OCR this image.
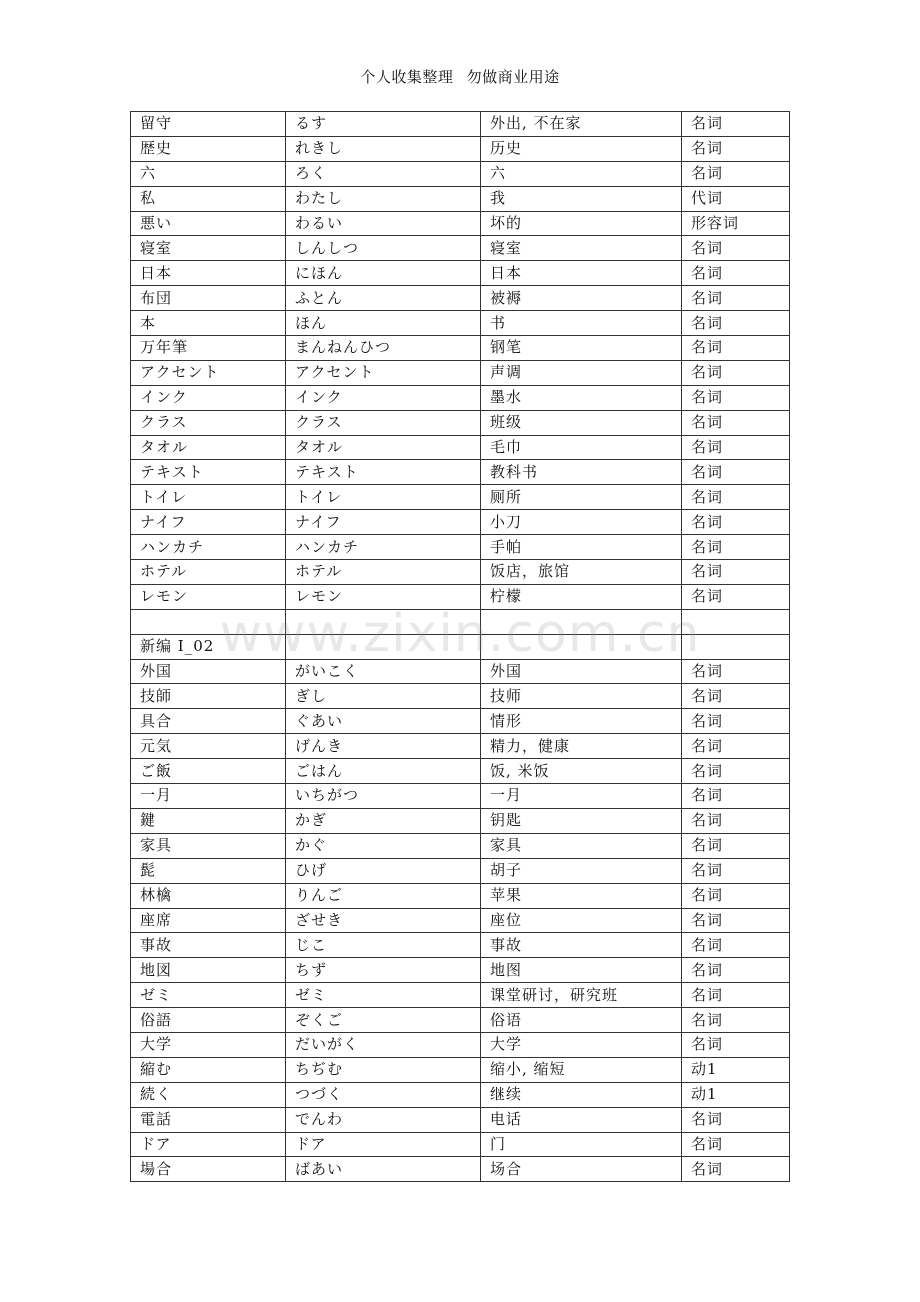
个人收集整理 勿做商业用途
留守	るす	外出, 不在家	名词
歴史	れきし	历史	名词
六	ろく	六	名词
私	わたし	我	代词
悪い	わるい	坏的	形容词
寝室	しんしつ	寝室	名词
日本	にほん	日本	名词
布団	ふとん	被褥	名词
本	ほん	书	名词
万年筆	まんねんひつ	钢笔	名词
アクセント	アクセント	声调	名词
インク	インク	墨水	名词
クラス	クラス	班级	名词
タオル	タオル	毛巾	名词
テキスト	テキスト	教科书	名词
トイレ	トイレ	厕所	名词
ナイフ	ナイフ	小刀	名词
ハンカチ	ハンカチ	手帕	名词
ホテル	ホテル	饭店，旅馆	名词
レモン	レモン	柠檬	名词

新编 I_02			
外国	がいこく	外国	名词
技師	ぎし	技师	名词
具合	ぐあい	情形	名词
元気	げんき	精力，健康	名词
ご飯	ごはん	饭, 米饭	名词
一月	いちがつ	一月	名词
鍵	かぎ	钥匙	名词
家具	かぐ	家具	名词
髭	ひげ	胡子	名词
林檎	りんご	苹果	名词
座席	ざせき	座位	名词
事故	じこ	事故	名词
地図	ちず	地图	名词
ゼミ	ゼミ	课堂研讨，研究班	名词
俗語	ぞくご	俗语	名词
大学	だいがく	大学	名词
縮む	ちぢむ	缩小, 缩短	动1
続く	つづく	继续	动1
電話	でんわ	电话	名词
ドア	ドア	门	名词
場合	ばあい	场合	名词
www.zixin.com.cn
